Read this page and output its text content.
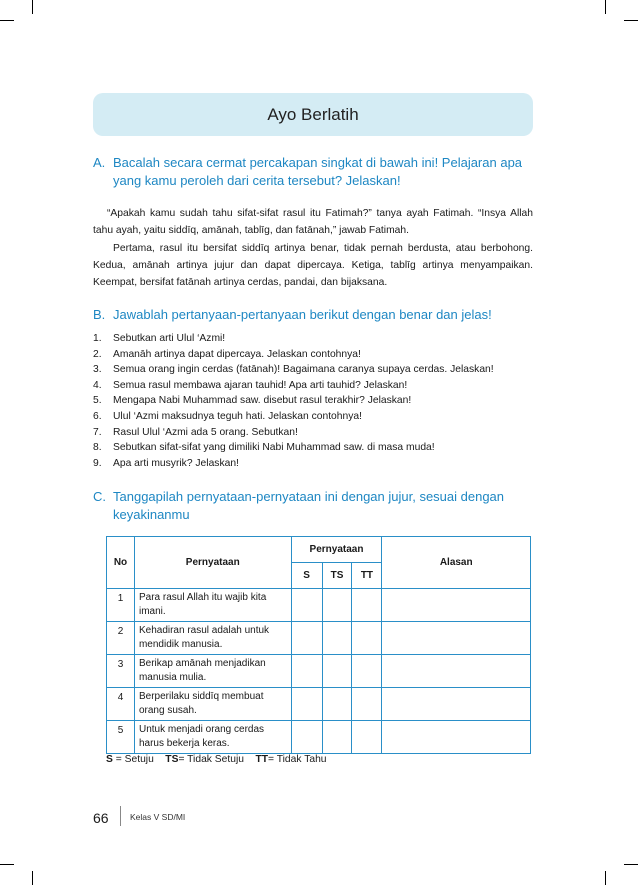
Ayo Berlatih
A. Bacalah secara cermat percakapan singkat di bawah ini! Pelajaran apa yang kamu peroleh dari cerita tersebut? Jelaskan!

“Apakah kamu sudah tahu sifat-sifat rasul itu Fatimah?” tanya ayah Fatimah. “Insya Allah tahu ayah, yaitu siddīq, amānah, tablīg, dan fatānah,” jawab Fatimah.

Pertama, rasul itu bersifat siddīq artinya benar, tidak pernah berdusta, atau berbohong. Kedua, amānah artinya jujur dan dapat dipercaya. Ketiga, tablīg artinya menyampaikan. Keempat, bersifat fatānah artinya cerdas, pandai, dan bijaksana.

B. Jawablah pertanyaan-pertanyaan berikut dengan benar dan jelas!
1.	Sebutkan arti Ulul ‘Azmi!
2.	Amanāh artinya dapat dipercaya. Jelaskan contohnya!
3.	Semua orang ingin cerdas (fatānah)! Bagaimana caranya supaya cerdas. Jelaskan!
4.	Semua rasul membawa ajaran tauhid! Apa arti tauhid? Jelaskan!
5.	Mengapa Nabi Muhammad saw. disebut rasul terakhir? Jelaskan!
6.	Ulul ‘Azmi maksudnya teguh hati. Jelaskan contohnya!
7.	Rasul Ulul ‘Azmi ada 5 orang. Sebutkan!
8.	Sebutkan sifat-sifat yang dimiliki Nabi Muhammad saw. di masa muda!
9.	Apa arti musyrik? Jelaskan!
C. Tanggapilah pernyataan-pernyataan ini dengan jujur, sesuai dengan keyakinanmu
No	Pernyataan	Pernyataan			Alasan
		S	TS	TT	
1	Para rasul Allah itu wajib kita imani.				
2	Kehadiran rasul adalah untuk mendidik manusia.				
3	Berikap amānah menjadikan manusia mulia.				
4	Berperilaku siddīq membuat orang susah.				
5	Untuk menjadi orang cerdas harus bekerja keras.				
S = Setuju TS= Tidak Setuju TT= Tidak Tahu
66	Kelas V SD/MI
